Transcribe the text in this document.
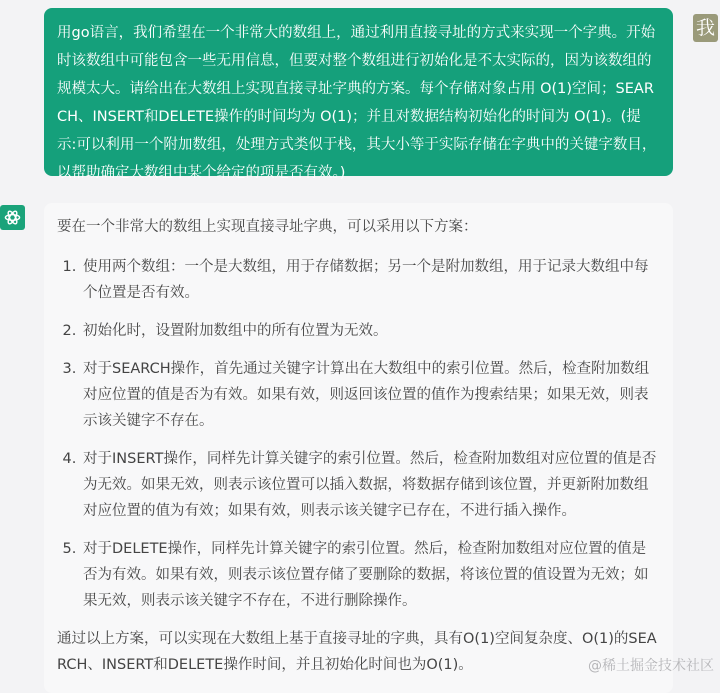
用go语言，我们希望在一个非常大的数组上，通过利用直接寻址的方式来实现一个字典。开始时该数组中可能包含一些无用信息，但要对整个数组进行初始化是不太实际的，因为该数组的规模太大。请给出在大数组上实现直接寻址字典的方案。每个存储对象占用 O(1)空间；SEARCH、INSERT和DELETE操作的时间均为 O(1)；并且对数据结构初始化的时间为 O(1)。(提示:可以利用一个附加数组，处理方式类似于栈，其大小等于实际存储在字典中的关键字数目，以帮助确定大数组中某个给定的项是否有效。)
我

要在一个非常大的数组上实现直接寻址字典，可以采用以下方案：

1. 使用两个数组：一个是大数组，用于存储数据；另一个是附加数组，用于记录大数组中每个位置是否有效。
2. 初始化时，设置附加数组中的所有位置为无效。
3. 对于SEARCH操作，首先通过关键字计算出在大数组中的索引位置。然后，检查附加数组对应位置的值是否为有效。如果有效，则返回该位置的值作为搜索结果；如果无效，则表示该关键字不存在。
4. 对于INSERT操作，同样先计算关键字的索引位置。然后，检查附加数组对应位置的值是否为无效。如果无效，则表示该位置可以插入数据，将数据存储到该位置，并更新附加数组对应位置的值为有效；如果有效，则表示该关键字已存在，不进行插入操作。
5. 对于DELETE操作，同样先计算关键字的索引位置。然后，检查附加数组对应位置的值是否为有效。如果有效，则表示该位置存储了要删除的数据，将该位置的值设置为无效；如果无效，则表示该关键字不存在，不进行删除操作。

通过以上方案，可以实现在大数组上基于直接寻址的字典，具有O(1)空间复杂度、O(1)的SEARCH、INSERT和DELETE操作时间，并且初始化时间也为O(1)。	@稀土掘金技术社区
